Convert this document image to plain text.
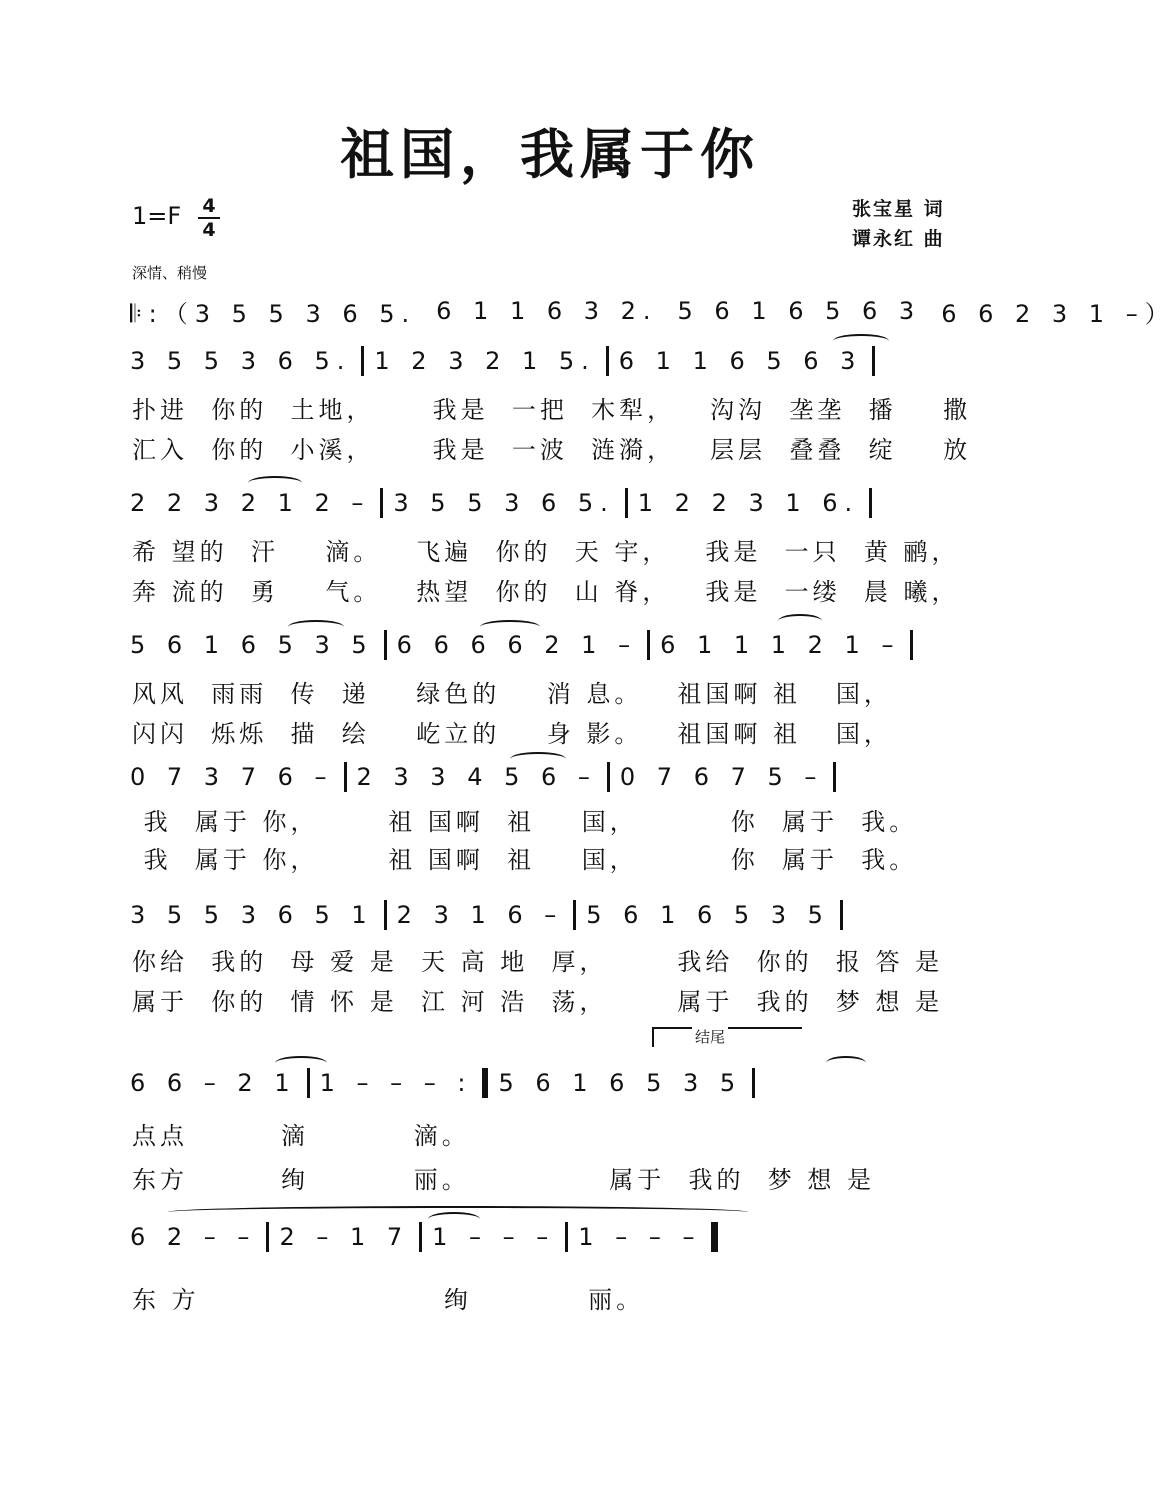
祖国，我属于你
1=F 4
4
张宝星 词
谭永红 曲
深情、稍慢
𝄆:（3 5 5 3 6 5. 6 1 1 6 3 2. 5 6 1 6 5 6 3 6 6 2 3 1 –）
3 5 5 3 6 5. 1 2 3 2 1 5. 6 1 1 6 5 6 3
扑进  你的  土地，     我是  一把  木犁，   沟沟  垄垄  播    撒
汇入  你的  小溪，     我是  一波  涟漪，   层层  叠叠  绽    放
2 2 3 2 1 2 – 3 5 5 3 6 5. 1 2 2 3 1 6.
希 望的  汗    滴。   飞遍  你的  天 宇，   我是  一只  黄 鹂，
奔 流的  勇    气。   热望  你的  山 脊，   我是  一缕  晨 曦，
5 6 1 6 5 3 5 6 6 6 6 2 1 – 6 1 1 1 2 1 –
风风  雨雨  传  递    绿色的    消 息。   祖国啊 祖   国，
闪闪  烁烁  描  绘    屹立的    身 影。   祖国啊 祖   国，
0 7 3 7 6 – 2 3 3 4 5 6 – 0 7 6 7 5 –
我  属于 你，      祖 国啊  祖    国，        你  属于  我。
我  属于 你，      祖 国啊  祖    国，        你  属于  我。
3 5 5 3 6 5 1 2 3 1 6 – 5 6 1 6 5 3 5
你给  我的  母 爱 是  天 高 地  厚，      我给  你的  报 答 是
属于  你的  情 怀 是  江 河 浩  荡，      属于  我的  梦 想 是
结尾
6 6 – 2 1 1 – – – : 5 6 1 6 5 3 5
点点        滴         滴。
东方        绚         丽。            属于  我的  梦 想 是
6 2 – – 2 – 1 7 1 – – – 1 – – –
东 方                     绚          丽。
